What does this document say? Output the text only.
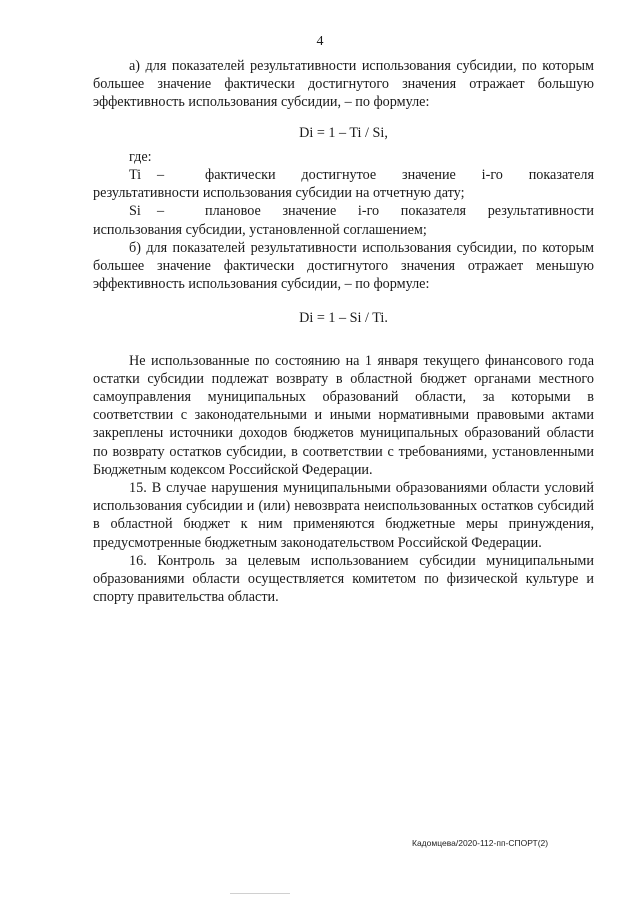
4

а) для показателей результативности использования субсидии, по которым большее значение фактически достигнутого значения отражает большую эффективность использования субсидии, – по формуле:

Di = 1 – Ti / Si,

где:

Ti –	фактически достигнутое значение i-го показателя результативности использования субсидии на отчетную дату;

Si –	плановое значение i-го показателя результативности использования субсидии, установленной соглашением;

б) для показателей результативности использования субсидии, по которым большее значение фактически достигнутого значения отражает меньшую эффективность использования субсидии, – по формуле:

Di = 1 – Si / Ti.

Не использованные по состоянию на 1 января текущего финансового года остатки субсидии подлежат возврату в областной бюджет органами местного самоуправления муниципальных образований области, за которыми в соответствии с законодательными и иными нормативными правовыми актами закреплены источники доходов бюджетов муниципальных образований области по возврату остатков субсидии, в соответствии с требованиями, установленными Бюджетным кодексом Российской Федерации.

15. В случае нарушения муниципальными образованиями области условий использования субсидии и (или) невозврата неиспользованных остатков субсидий в областной бюджет к ним применяются бюджетные меры принуждения, предусмотренные бюджетным законодательством Российской Федерации.

16. Контроль за целевым использованием субсидии муниципальными образованиями области осуществляется комитетом по физической культуре и спорту правительства области.

Кадомцева/2020-112-пп-СПОРТ(2)
